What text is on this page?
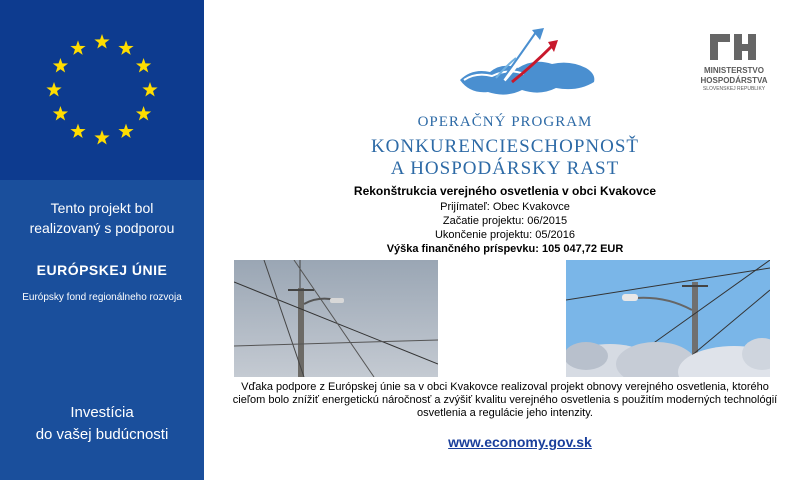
Tento projekt bol
realizovaný s podporou
EURÓPSKEJ ÚNIE
Európsky fond regionálneho rozvoja
Investícia
do vašej budúcnosti
OPERAČNÝ PROGRAM
KONKURENCIESCHOPNOSŤ
A HOSPODÁRSKY RAST
MINISTERSTVO
HOSPODÁRSTVA
SLOVENSKEJ REPUBLIKY
Rekonštrukcia verejného osvetlenia v obci Kvakovce
Prijímateľ: Obec Kvakovce
Začatie projektu: 06/2015
Ukončenie projektu: 05/2016
Výška finančného príspevku: 105 047,72 EUR
Vďaka podpore z Európskej únie sa v obci Kvakovce realizoval projekt obnovy verejného osvetlenia, ktorého cieľom bolo znížiť energetickú náročnosť a zvýšiť kvalitu verejného osvetlenia s použitím moderných technológií osvetlenia a regulácie jeho intenzity.
www.economy.gov.sk
